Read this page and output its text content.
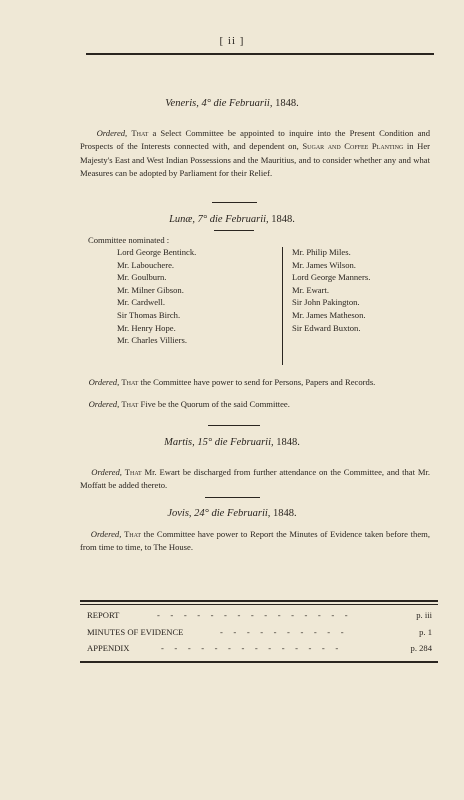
[ ii ]
Veneris, 4° die Februarii, 1848.
Ordered, That a Select Committee be appointed to inquire into the Present Condition and Prospects of the Interests connected with, and dependent on, Sugar and Coffee Planting in Her Majesty's East and West Indian Possessions and the Mauritius, and to consider whether any and what Measures can be adopted by Parliament for their Relief.
Lunæ, 7° die Februarii, 1848.
Committee nominated :
Lord George Bentinck.
Mr. Labouchere.
Mr. Goulburn.
Mr. Milner Gibson.
Mr. Cardwell.
Sir Thomas Birch.
Mr. Henry Hope.
Mr. Charles Villiers.
Mr. Philip Miles.
Mr. James Wilson.
Lord George Manners.
Mr. Ewart.
Sir John Pakington.
Mr. James Matheson.
Sir Edward Buxton.
Ordered, That the Committee have power to send for Persons, Papers and Records.
Ordered, That Five be the Quorum of the said Committee.
Martis, 15° die Februarii, 1848.
Ordered, That Mr. Ewart be discharged from further attendance on the Committee, and that Mr. Moffatt be added thereto.
Jovis, 24° die Februarii, 1848.
Ordered, That the Committee have power to Report the Minutes of Evidence taken before them, from time to time, to The House.
REPORT	- - - - - - - - - - - - - - -	p. iii
MINUTES OF EVIDENCE	- - - - - - - - - -	p. 1
APPENDIX	- - - - - - - - - - - - - -	p. 284
